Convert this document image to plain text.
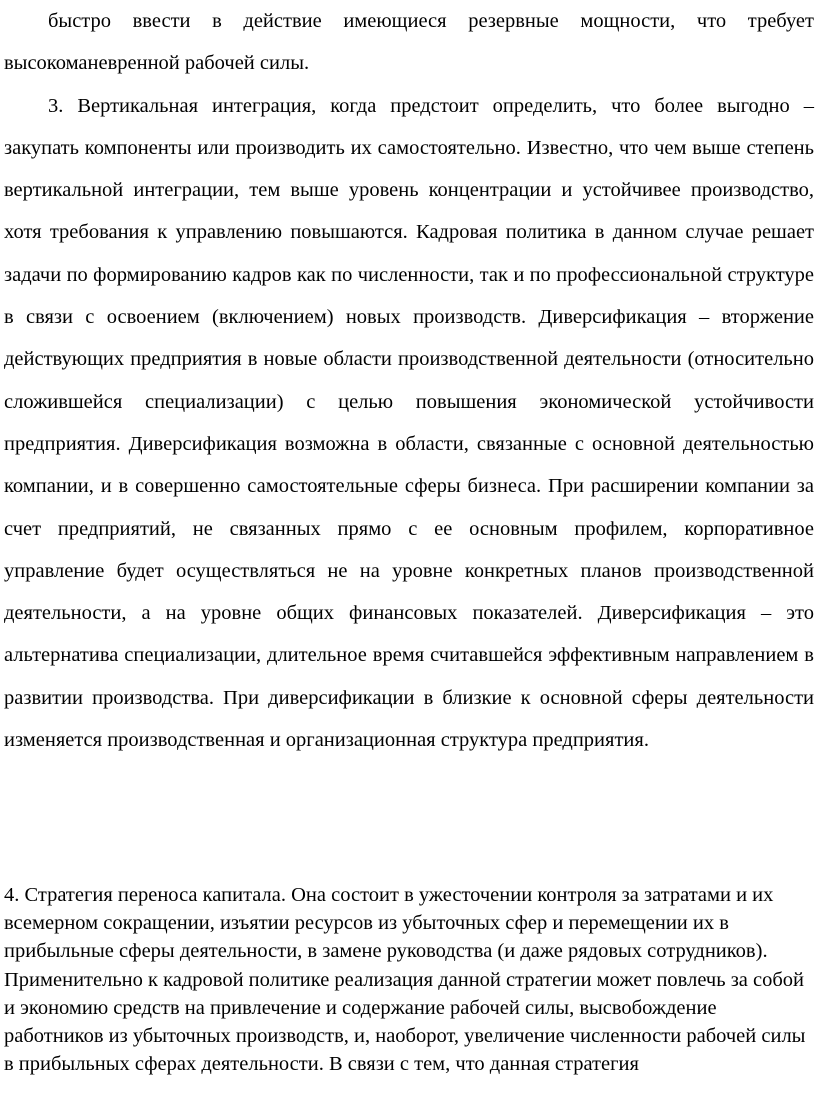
быстро ввести в действие имеющиеся резервные мощности, что требует высокоманевренной рабочей силы.

3. Вертикальная интеграция, когда предстоит определить, что более выгодно – закупать компоненты или производить их самостоятельно. Известно, что чем выше степень вертикальной интеграции, тем выше уровень концентрации и устойчивее производство, хотя требования к управлению повышаются. Кадровая политика в данном случае решает задачи по формированию кадров как по численности, так и по профессиональной структуре в связи с освоением (включением) новых производств. Диверсификация – вторжение действующих предприятия в новые области производственной деятельности (относительно сложившейся специализации) с целью повышения экономической устойчивости предприятия. Диверсификация возможна в области, связанные с основной деятельностью компании, и в совершенно самостоятельные сферы бизнеса. При расширении компании за счет предприятий, не связанных прямо с ее основным профилем, корпоративное управление будет осуществляться не на уровне конкретных планов производственной деятельности, а на уровне общих финансовых показателей. Диверсификация – это альтернатива специализации, длительное время считавшейся эффективным направлением в развитии производства. При диверсификации в близкие к основной сферы деятельности изменяется производственная и организационная структура предприятия.

4. Стратегия переноса капитала. Она состоит в ужесточении контроля за затратами и их всемерном сокращении, изъятии ресурсов из убыточных сфер и перемещении их в прибыльные сферы деятельности, в замене руководства (и даже рядовых сотрудников). Применительно к кадровой политике реализация данной стратегии может повлечь за собой и экономию средств на привлечение и содержание рабочей силы, высвобождение работников из убыточных производств, и, наоборот, увеличение численности рабочей силы в прибыльных сферах деятельности. В связи с тем, что данная стратегия
